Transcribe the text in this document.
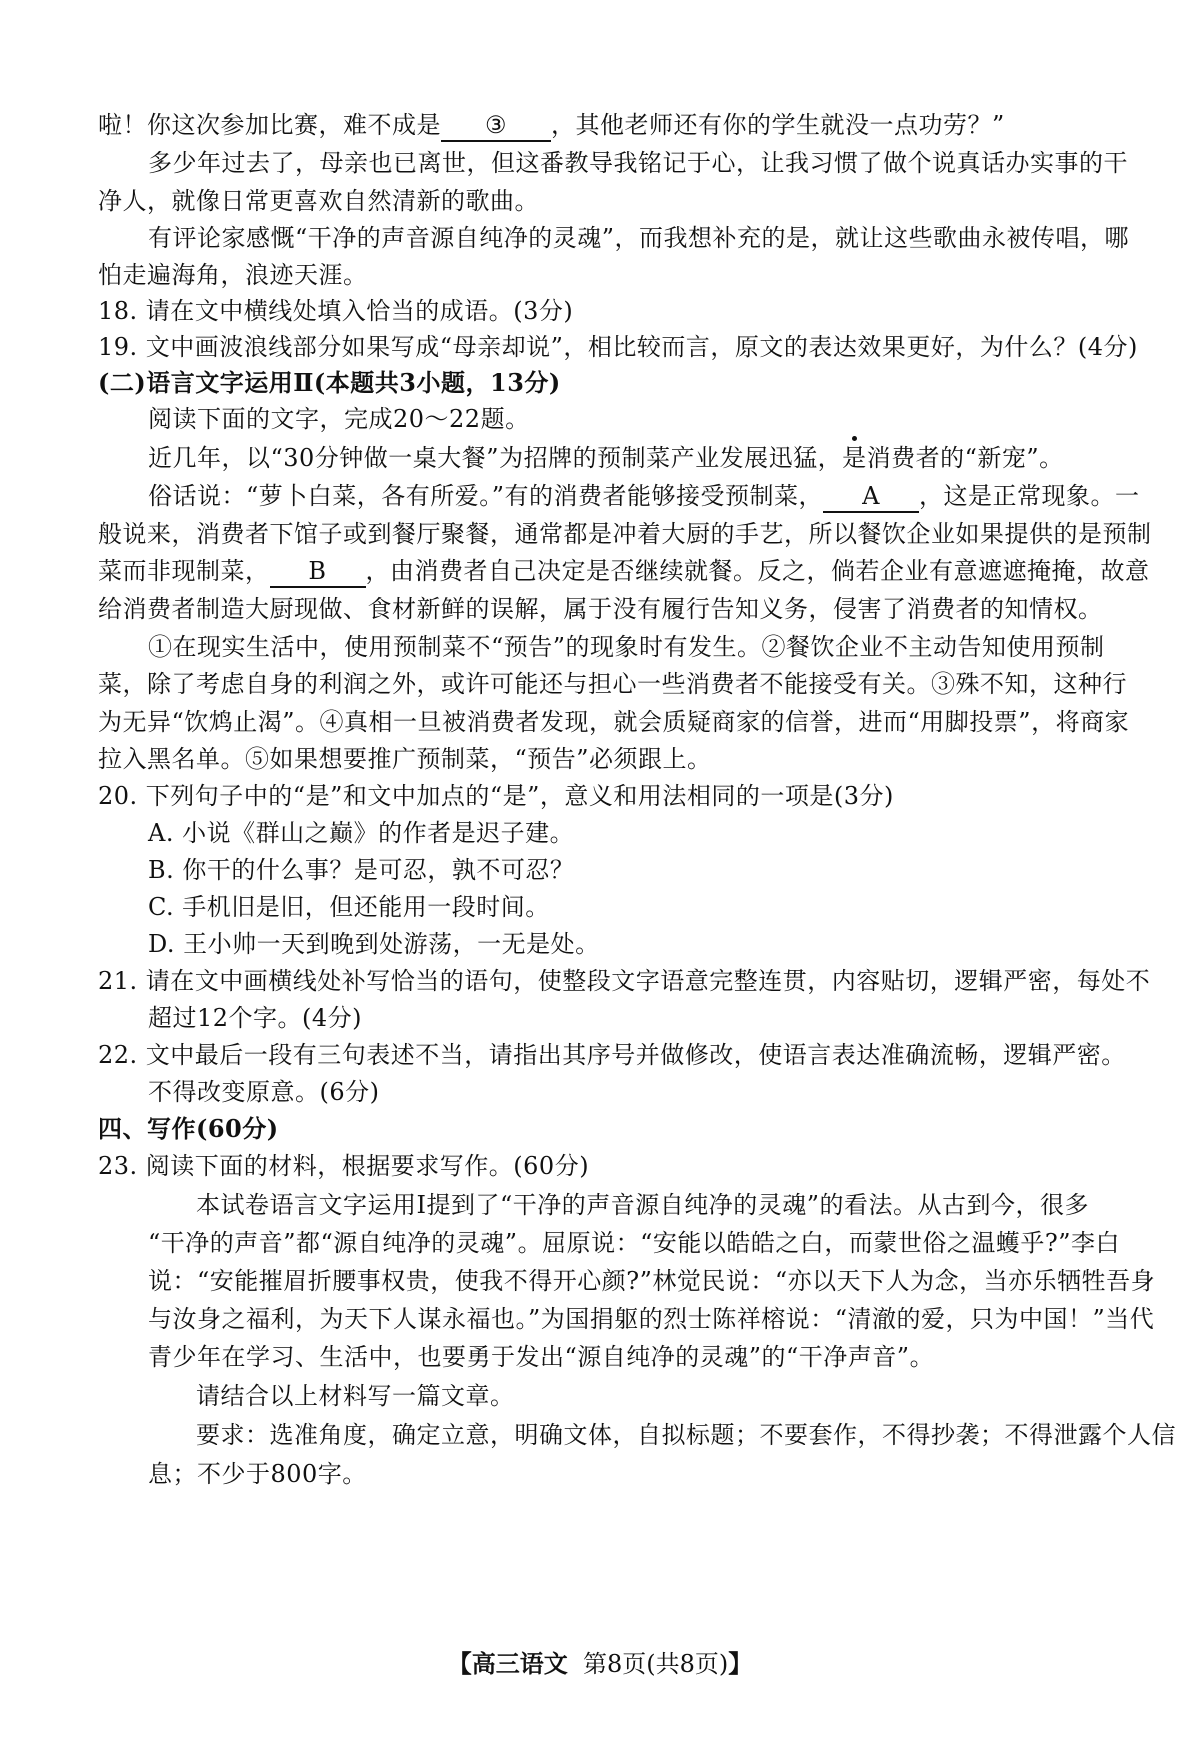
啦！你这次参加比赛，难不成是 ③ ，其他老师还有你的学生就没一点功劳？”
多少年过去了，母亲也已离世，但这番教导我铭记于心，让我习惯了做个说真话办实事的干
净人，就像日常更喜欢自然清新的歌曲。
有评论家感慨“干净的声音源自纯净的灵魂”，而我想补充的是，就让这些歌曲永被传唱，哪
怕走遍海角，浪迹天涯。
18. 请在文中横线处填入恰当的成语。(3分)
19. 文中画波浪线部分如果写成“母亲却说”，相比较而言，原文的表达效果更好，为什么？(4分)
(二)语言文字运用Ⅱ(本题共3小题，13分)
阅读下面的文字，完成20～22题。
近几年，以“30分钟做一桌大餐”为招牌的预制菜产业发展迅猛，是消费者的“新宠”。
俗话说：“萝卜白菜，各有所爱。”有的消费者能够接受预制菜， A ，这是正常现象。一
般说来，消费者下馆子或到餐厅聚餐，通常都是冲着大厨的手艺，所以餐饮企业如果提供的是预制
菜而非现制菜， B ，由消费者自己决定是否继续就餐。反之，倘若企业有意遮遮掩掩，故意
给消费者制造大厨现做、食材新鲜的误解，属于没有履行告知义务，侵害了消费者的知情权。
①在现实生活中，使用预制菜不“预告”的现象时有发生。②餐饮企业不主动告知使用预制
菜，除了考虑自身的利润之外，或许可能还与担心一些消费者不能接受有关。③殊不知，这种行
为无异“饮鸩止渴”。④真相一旦被消费者发现，就会质疑商家的信誉，进而“用脚投票”，将商家
拉入黑名单。⑤如果想要推广预制菜，“预告”必须跟上。
20. 下列句子中的“是”和文中加点的“是”，意义和用法相同的一项是(3分)
A. 小说《群山之巅》的作者是迟子建。
B. 你干的什么事？是可忍，孰不可忍？
C. 手机旧是旧，但还能用一段时间。
D. 王小帅一天到晚到处游荡，一无是处。
21. 请在文中画横线处补写恰当的语句，使整段文字语意完整连贯，内容贴切，逻辑严密，每处不
超过12个字。(4分)
22. 文中最后一段有三句表述不当，请指出其序号并做修改，使语言表达准确流畅，逻辑严密。
不得改变原意。(6分)
四、写作(60分)
23. 阅读下面的材料，根据要求写作。(60分)
本试卷语言文字运用Ⅰ提到了“干净的声音源自纯净的灵魂”的看法。从古到今，很多
“干净的声音”都“源自纯净的灵魂”。屈原说：“安能以皓皓之白，而蒙世俗之温蠖乎?”李白
说：“安能摧眉折腰事权贵，使我不得开心颜?”林觉民说：“亦以天下人为念，当亦乐牺牲吾身
与汝身之福利，为天下人谋永福也。”为国捐躯的烈士陈祥榕说：“清澈的爱，只为中国！”当代
青少年在学习、生活中，也要勇于发出“源自纯净的灵魂”的“干净声音”。
请结合以上材料写一篇文章。
要求：选准角度，确定立意，明确文体，自拟标题；不要套作，不得抄袭；不得泄露个人信
息；不少于800字。
【高三语文 第8页(共8页)】
